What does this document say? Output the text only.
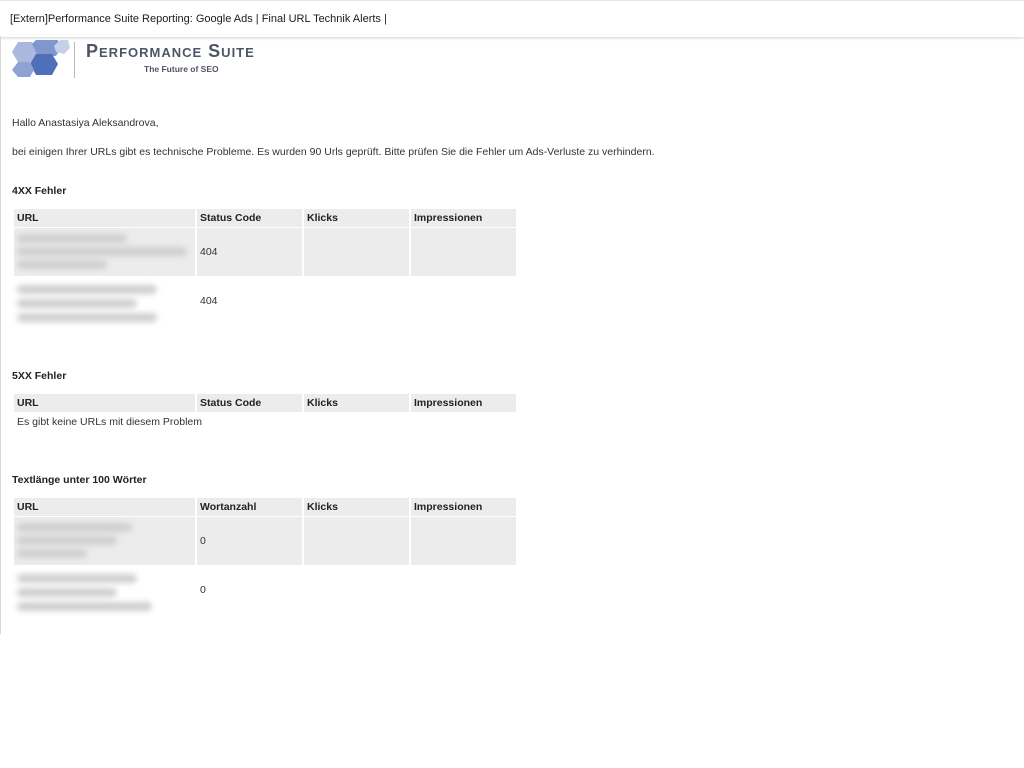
[Extern]Performance Suite Reporting: Google Ads | Final URL Technik Alerts |
Performance Suite
The Future of SEO
Hallo Anastasiya Aleksandrova,
bei einigen Ihrer URLs gibt es technische Probleme. Es wurden 90 Urls geprüft. Bitte prüfen Sie die Fehler um Ads-Verluste zu verhindern.
4XX Fehler
URL	Status Code	Klicks	Impressionen

	404		

	404		
5XX Fehler
URL	Status Code	Klicks	Impressionen
Es gibt keine URLs mit diesem Problem
Textlänge unter 100 Wörter
URL	Wortanzahl	Klicks	Impressionen

	0		

	0		
